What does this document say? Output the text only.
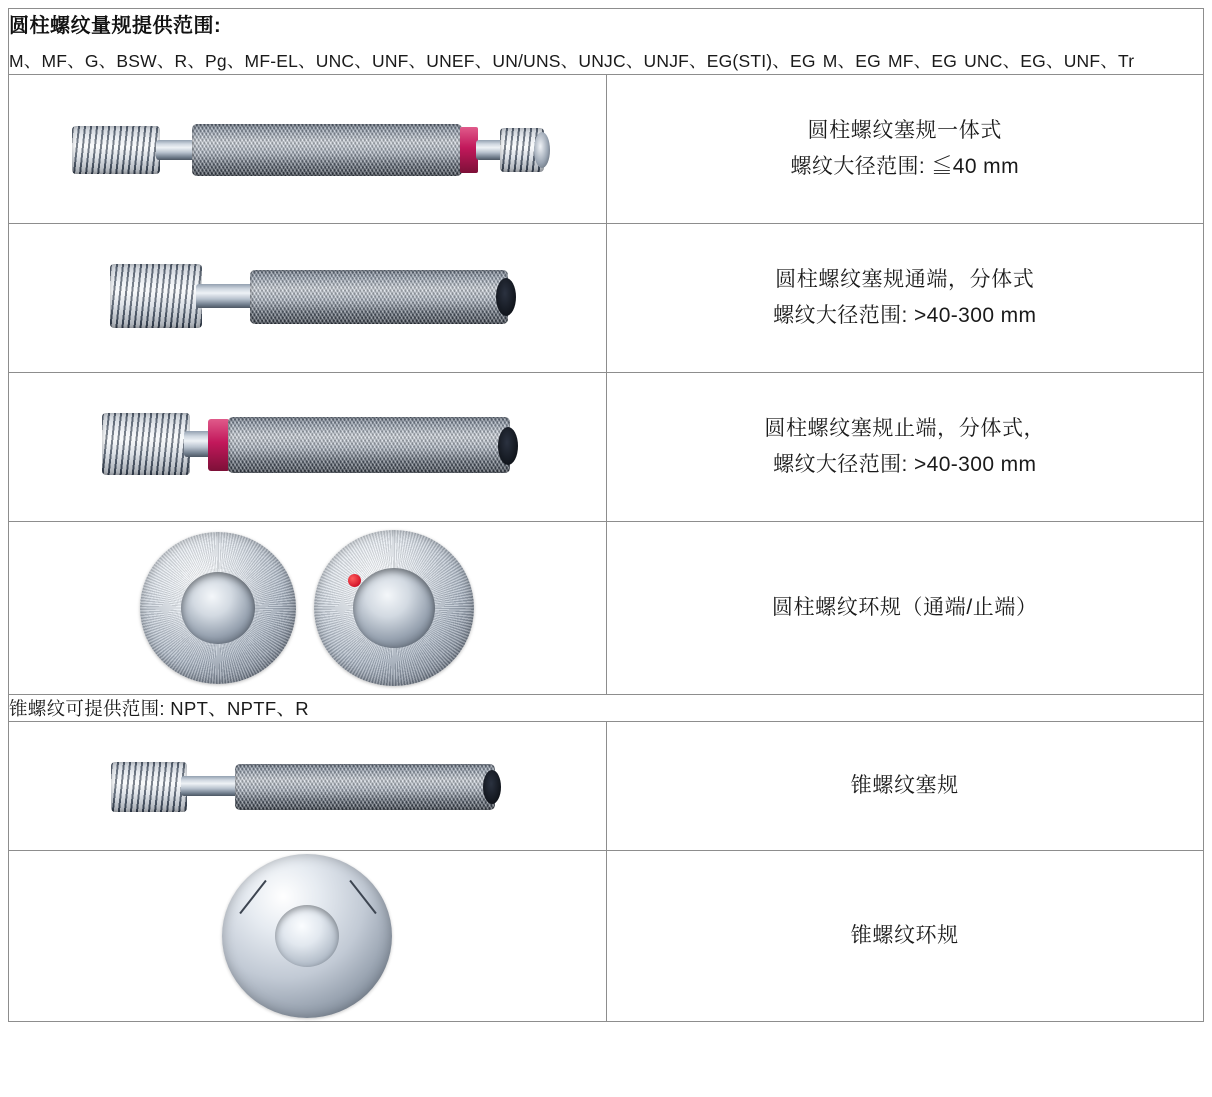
圆柱螺纹量规提供范围:
M、MF、G、BSW、R、Pg、MF-EL、UNC、UNF、UNEF、UN/UNS、UNJC、UNJF、EG(STI)、EG M、EG MF、EG UNC、EG、UNF、Tr	

	圆柱螺纹塞规一体式
螺纹大径范围: ≦40 mm

	圆柱螺纹塞规通端，分体式
螺纹大径范围: >40-300 mm

	圆柱螺纹塞规止端，分体式，
螺纹大径范围: >40-300 mm

	圆柱螺纹环规（通端/止端）

锥螺纹可提供范围: NPT、NPTF、R	

	锥螺纹塞规

	锥螺纹环规
